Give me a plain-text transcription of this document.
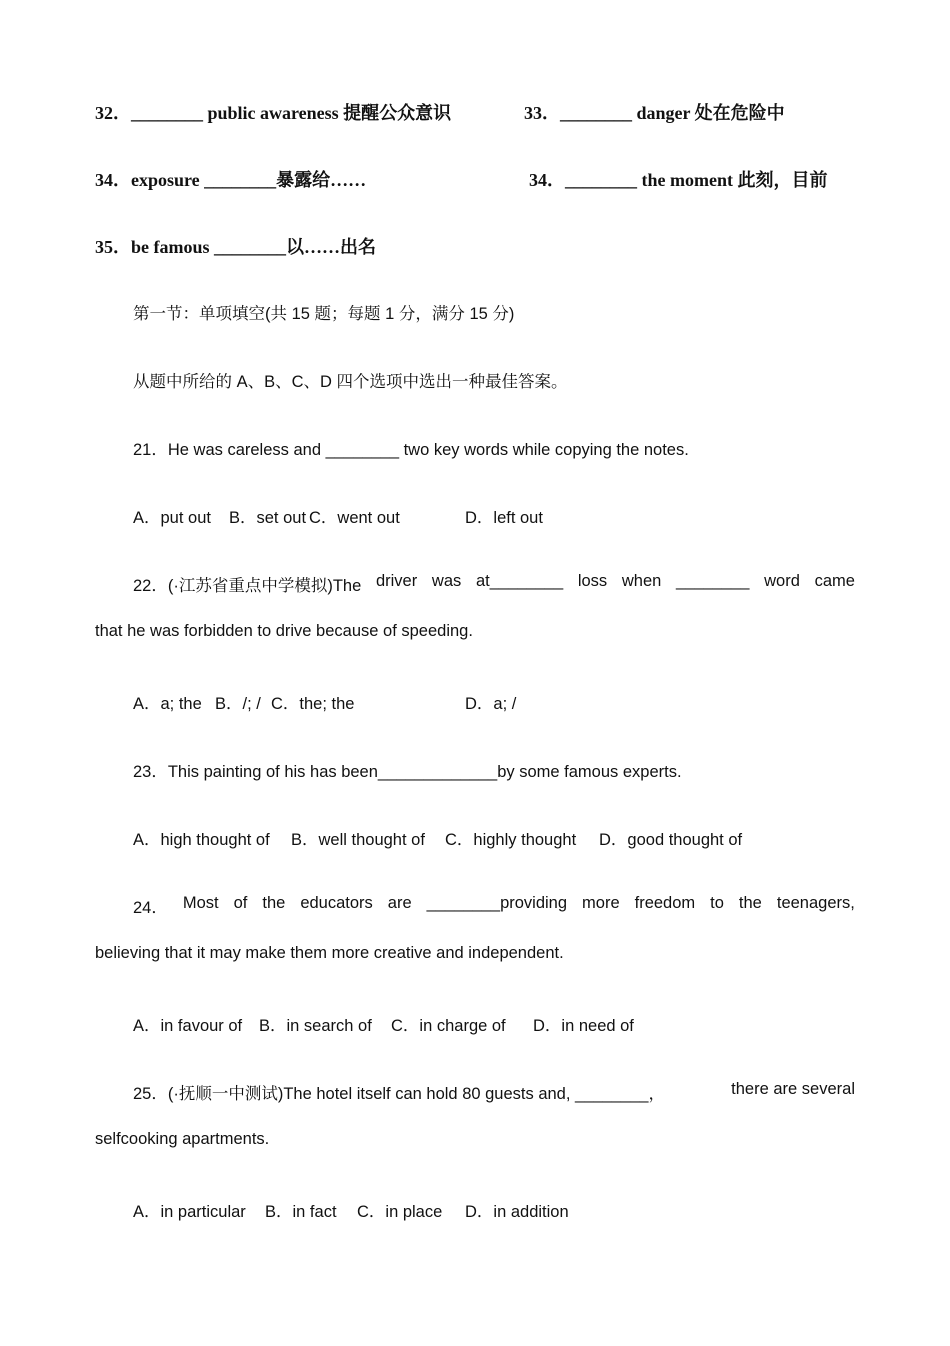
32．________ public awareness 提醒公众意识	33．________ danger 处在危险中
34．exposure ________暴露给……	34．________ the moment 此刻，目前
35．be famous ________以……出名
第一节：单项填空(共 15 题；每题 1 分，满分 15 分)
从题中所给的 A、B、C、D 四个选项中选出一种最佳答案。
21．He was careless and ________ two key words while copying the notes.
A．put out B．set out C．went out	D．left out
22．(·江苏省重点中学模拟)The driver was at________ loss when ________ word came
that he was forbidden to drive because of speeding.
A．a; the B．/; / C．the; the	D．a; /
23．This painting of his has been_____________by some famous experts.
A．high thought of B．well thought of C．highly thought D．good thought of
24． Most of the educators are ________providing more freedom to the teenagers,
believing that it may make them more creative and independent.
A．in favour of B．in search of C．in charge of D．in need of
25．(·抚顺一中测试)The hotel itself can hold 80 guests and, ________，	there are several
selfcooking apartments.
A．in particular B．in fact C．in place D．in addition
